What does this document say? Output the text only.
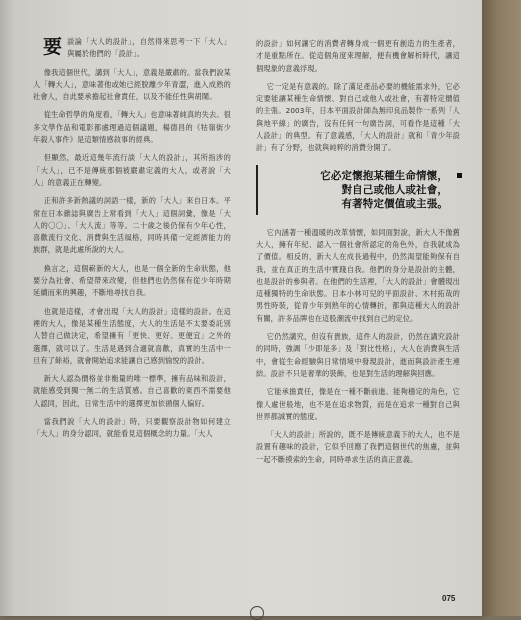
要 談論「大人的設計」，自然得來思考一下「大人」與屬於他們的「設計」。

像我這個世代，講到「大人」，意義是嚴肅的。當我們說某人「轉大人」，意味著他或她已經脫離少年青澀，進入成熟的社會人，自此要承擔起社會責任，以及不能任性與胡鬧。

從生命哲學的角度看，「轉大人」也意味著純真的失去。很多文學作品和電影都處理過這個議題，楊德昌的《牯嶺街少年殺人事件》是這類情感敘事的經典。

但顯然，最近這幾年流行談「大人的設計」，其所指涉的「大人」，已不是傳統那個被嚴肅定義的大人，或者說「大人」的意義正在轉變。

正和許多新熱議的詞語一樣，新的「大人」來自日本。平常在日本雜誌與廣告上常看到「大人」這個詞彙，像是「大人的〇〇」、「大人流」等等。二十歲之後仍保有少年心性，喜歡流行文化、消費與生活風格，同時具備一定經濟能力的族群，就是此處所說的大人。

換言之，這個嶄新的大人，也是一個全新的生命狀態，他要分為社會、希望帶來改變，但他們也仍然保有從少年時期延續而來的興趣，不斷地尋找自我。

也就是這樣，才會出現「大人的設計」這樣的設計。在這裡的大人，像是某種生活態度，大人的生活是不太要委託別人替自己做決定，希望擁有「更快、更好、更便宜」之外的選擇，就可以了。生活是遇到合適就喜歡，真實的生活中一旦有了餘裕，就會開始追求能讓自己感到愉悅的設計。

新大人認為價格並非衡量的唯一標準，擁有品味和設計，就能感受到獨一無二的生活質感。自己喜歡的東西不需要他人認同，因此，日常生活中的選擇更加依循個人偏好。

當我們說「大人的設計」時，只要觀察設計物如何建立「大人」的身分認同，就能看見這個概念的力量。「大人

的設計」如何讓它的消費者轉身成一個更有創造力的生產者，才是重點所在。從這個角度來理解，便有機會解析時代，讓這個現象的意義浮現。

它一定是有意義的。除了滿足產品必要的機能需求外，它必定要能讓某種生命情懷、對自己或他人或社會，有著特定價值的主張。2003年，日本平面設計師為無印良品製作一系列「人與地平線」的廣告，沒有任何一句廣告詞，可看作是這種「大人設計」的典型。有了意義感，「大人的設計」就和「青少年設計」有了分野，也就與純粹的消費分開了。

它必定懷抱某種生命情懷，
對自己或他人或社會，
有著特定價值或主張。

它內涵著一種溫暖的改革情懷，如同面對說，新大人不像舊大人，擁有年紀、認入一個社會所認定的角色外，自我就成為了價值。相反的，新大人在成長過程中，仍然渴望能夠保有自我，並在真正的生活中實踐自我。他們的身分是設計的主體，也是設計的參與者。在他們的生活裡，「大人的設計」會體現出這種獨特的生命狀態。日本小林可兒的平面設計、木村拓哉的男性時裝，從青少年到熟年的心情轉折，都與這種大人的設計有關，許多品牌也在這股潮流中找到自己的定位。

它仍然講究，但沒有貴族，這件人的設計，仍然在講究設計的同時，強調「少即是多」及「對比性格」，大人在消費與生活中，會從生命經驗與日常情境中發現設計，進而與設計產生連結。設計不只是奢華的裝飾，也是對生活的理解與回應。

它能承擔責任，像是在一種不斷前進、能夠穩定的角色，它像人處世般地，也不是在追求物質，而是在追求一種對自己與世界都誠實的態度。

「大人的設計」所說的，既不是傳統意義下的大人，也不是設置有趣味的設計，它似乎回應了我們這個世代的焦慮，並與一起不斷摸索的生命，同時尋求生活的真正意義。

075
